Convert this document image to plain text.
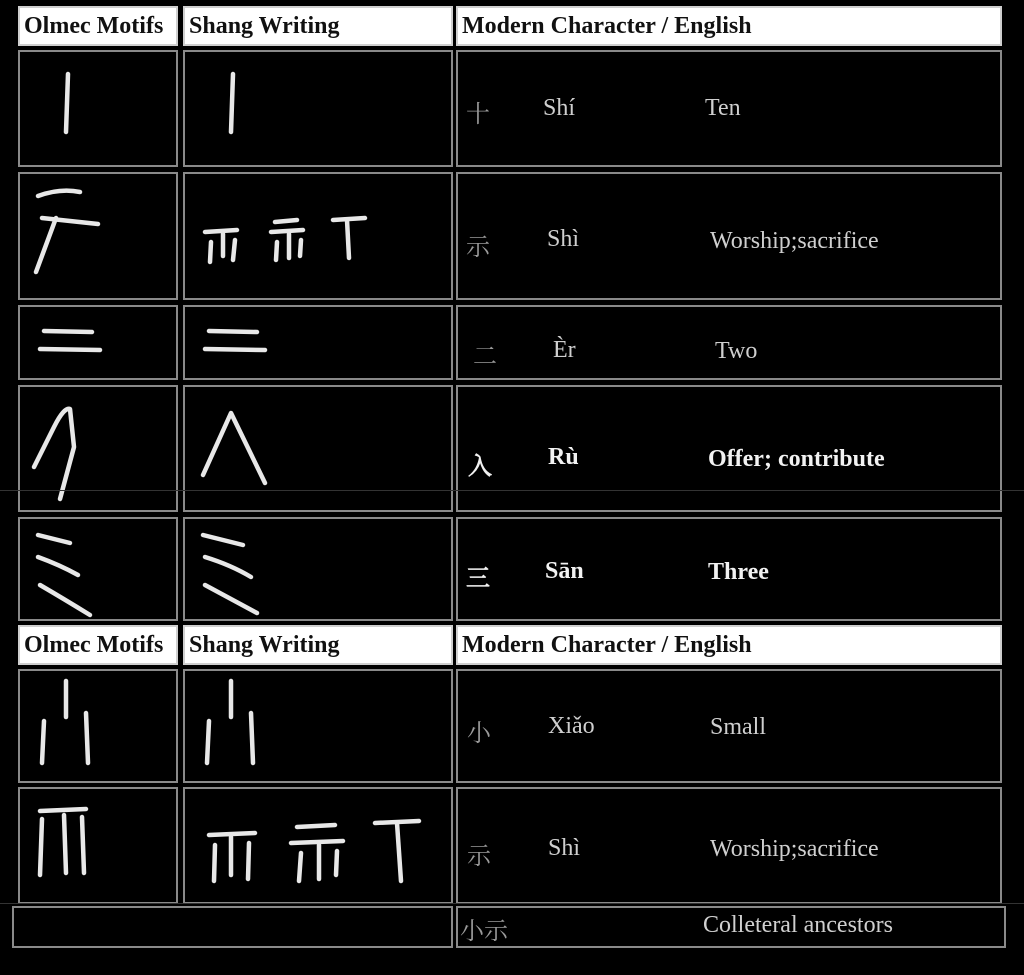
Olmec Motifs	Shang Writing	Modern Character / English
十 Shí	Ten
示 Shì	Worship;sacrifice
二 Èr	Two
入 Rù	Offer; contribute
三 Sān	Three
Olmec Motifs	Shang Writing	Modern Character / English
小 Xiǎo	Small
示 Shì	Worship;sacrifice
小示	Colleteral ancestors
